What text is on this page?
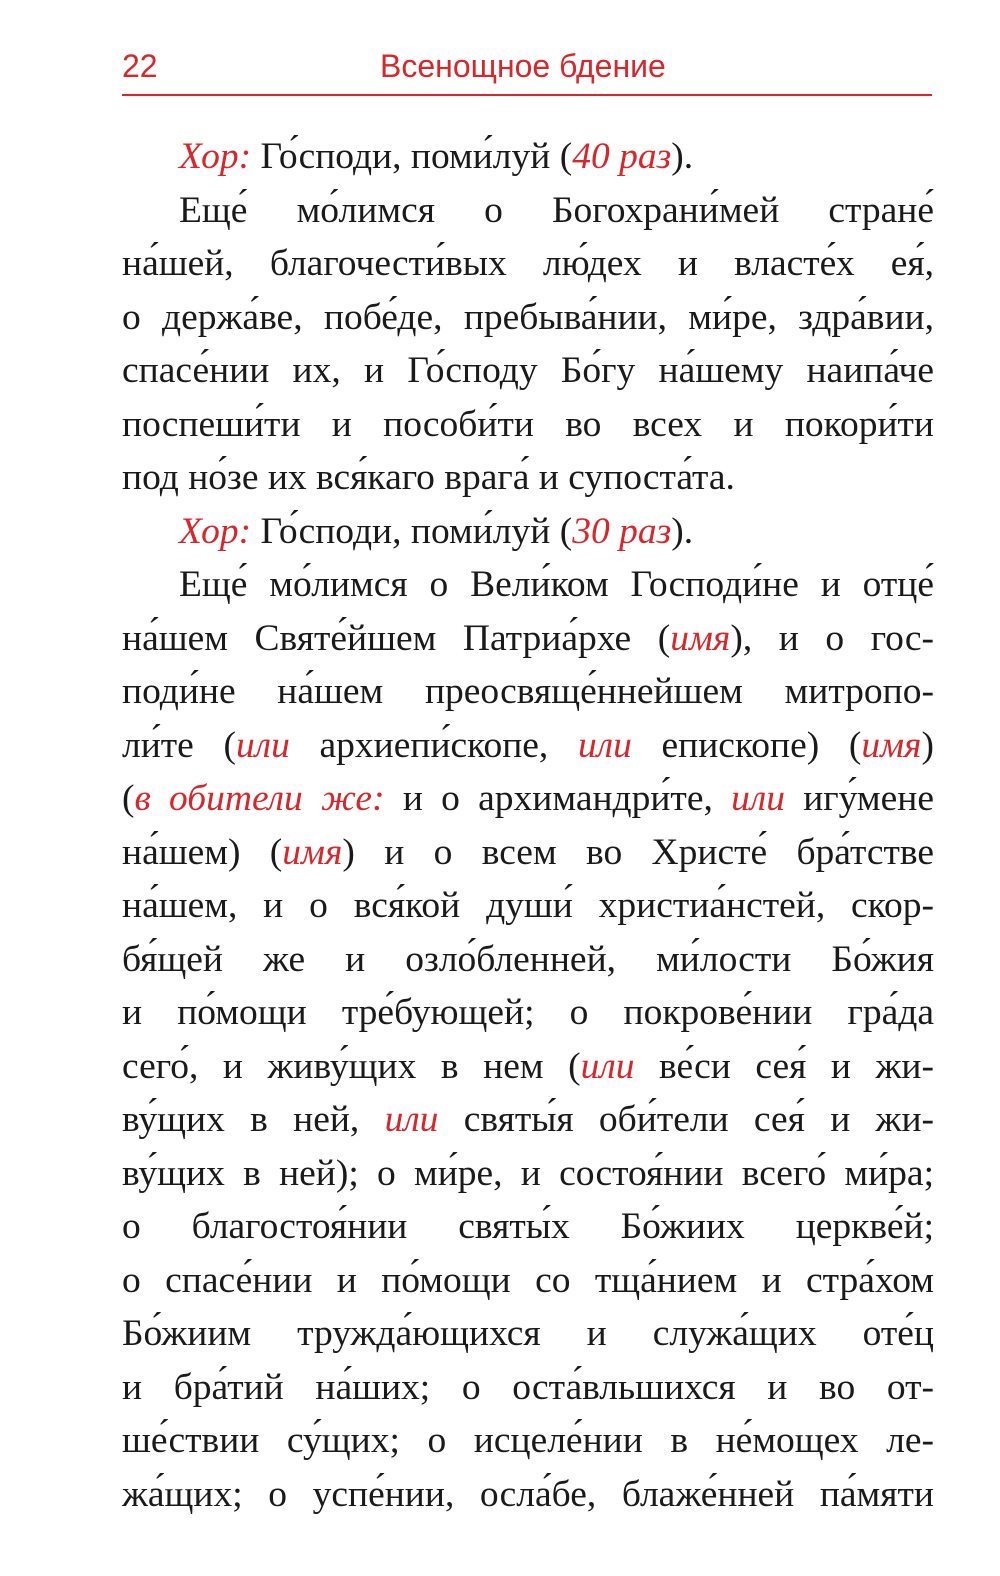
22	Всенощное бдение
Хор: Го́споди, поми́луй (40 раз).
Еще́ мо́лимся о Богохрани́мей стране́
на́шей, благочести́вых лю́дех и власте́х ея́,
о держа́ве, побе́де, пребыва́нии, ми́ре, здра́вии,
спасе́нии их, и Го́споду Бо́гу на́шему наипа́че
поспеши́ти и пособи́ти во всех и покори́ти
под но́зе их вся́каго врага́ и супоста́та.
Хор: Го́споди, поми́луй (30 раз).
Еще́ мо́лимся о Вели́ком Господи́не и отце́
на́шем Святе́йшем Патриа́рхе (имя), и о гос-
поди́не на́шем преосвяще́ннейшем митропо-
ли́те (или архиепи́скопе, или епископе) (имя)
(в обители же: и о архимандри́те, или игу́мене
на́шем) (имя) и о всем во Христе́ бра́тстве
на́шем, и о вся́кой души́ христиа́нстей, скор-
бя́щей же и озло́бленней, ми́лости Бо́жия
и по́мощи тре́бующей; о покрове́нии гра́да
сего́, и живу́щих в нем (или ве́си сея́ и жи-
ву́щих в ней, или святы́я оби́тели сея́ и жи-
ву́щих в ней); о ми́ре, и состоя́нии всего́ ми́ра;
о благостоя́нии святы́х Бо́жиих церкве́й;
о спасе́нии и по́мощи со тща́нием и стра́хом
Бо́жиим тружда́ющихся и служа́щих оте́ц
и бра́тий на́ших; о оста́вльшихся и во от-
ше́ствии су́щих; о исцеле́нии в не́мощех ле-
жа́щих; о успе́нии, осла́бе, блаже́нней па́мяти
